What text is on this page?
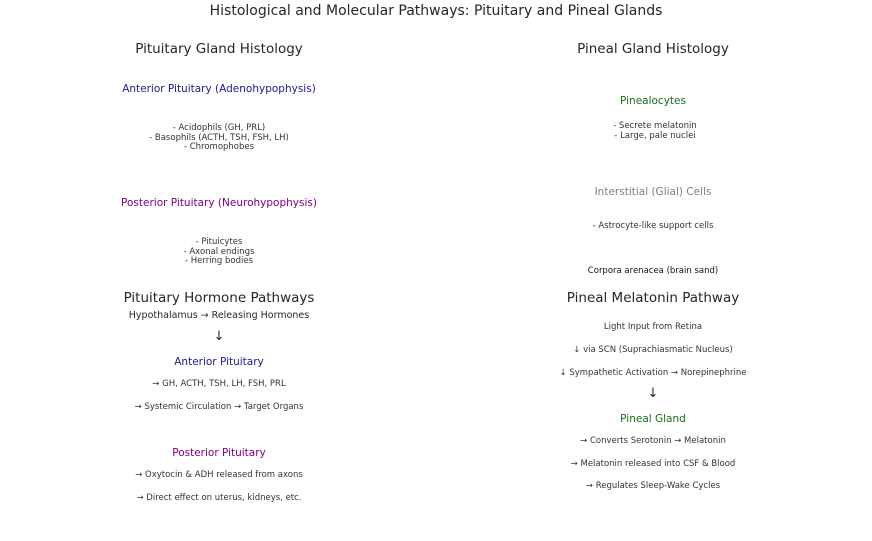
Histological and Molecular Pathways: Pituitary and Pineal Glands
Pituitary Gland Histology
Anterior Pituitary (Adenohypophysis)
- Acidophils (GH, PRL)
- Basophils (ACTH, TSH, FSH, LH)
- Chromophobes
Posterior Pituitary (Neurohypophysis)
- Pituicytes
- Axonal endings
- Herring bodies
Pineal Gland Histology
Pinealocytes
- Secrete melatonin
- Large, pale nuclei
Interstitial (Glial) Cells
- Astrocyte-like support cells
Corpora arenacea (brain sand)
Pituitary Hormone Pathways
Hypothalamus → Releasing Hormones
↓
Anterior Pituitary
→ GH, ACTH, TSH, LH, FSH, PRL
→ Systemic Circulation → Target Organs
Posterior Pituitary
→ Oxytocin & ADH released from axons
→ Direct effect on uterus, kidneys, etc.
Pineal Melatonin Pathway
Light Input from Retina
↓ via SCN (Suprachiasmatic Nucleus)
↓ Sympathetic Activation → Norepinephrine
↓
Pineal Gland
→ Converts Serotonin → Melatonin
→ Melatonin released into CSF & Blood
→ Regulates Sleep-Wake Cycles
